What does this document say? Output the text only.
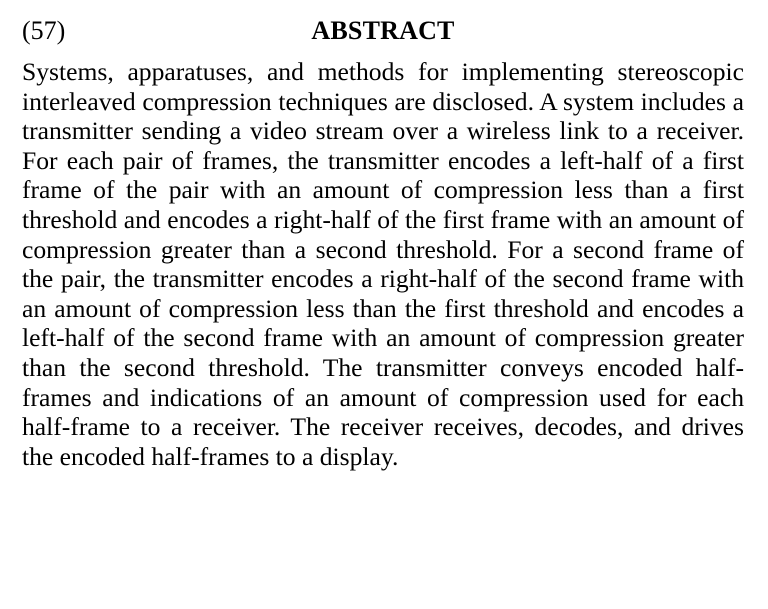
ABSTRACT
(57)

Systems, apparatuses, and methods for implementing stereoscopic interleaved compression techniques are disclosed. A system includes a transmitter sending a video stream over a wireless link to a receiver. For each pair of frames, the transmitter encodes a left-half of a first frame of the pair with an amount of compression less than a first threshold and encodes a right-half of the first frame with an amount of compression greater than a second threshold. For a second frame of the pair, the transmitter encodes a right-half of the second frame with an amount of compression less than the first threshold and encodes a left-half of the second frame with an amount of compression greater than the second threshold. The transmitter conveys encoded half-frames and indications of an amount of compression used for each half-frame to a receiver. The receiver receives, decodes, and drives the encoded half-frames to a display.
